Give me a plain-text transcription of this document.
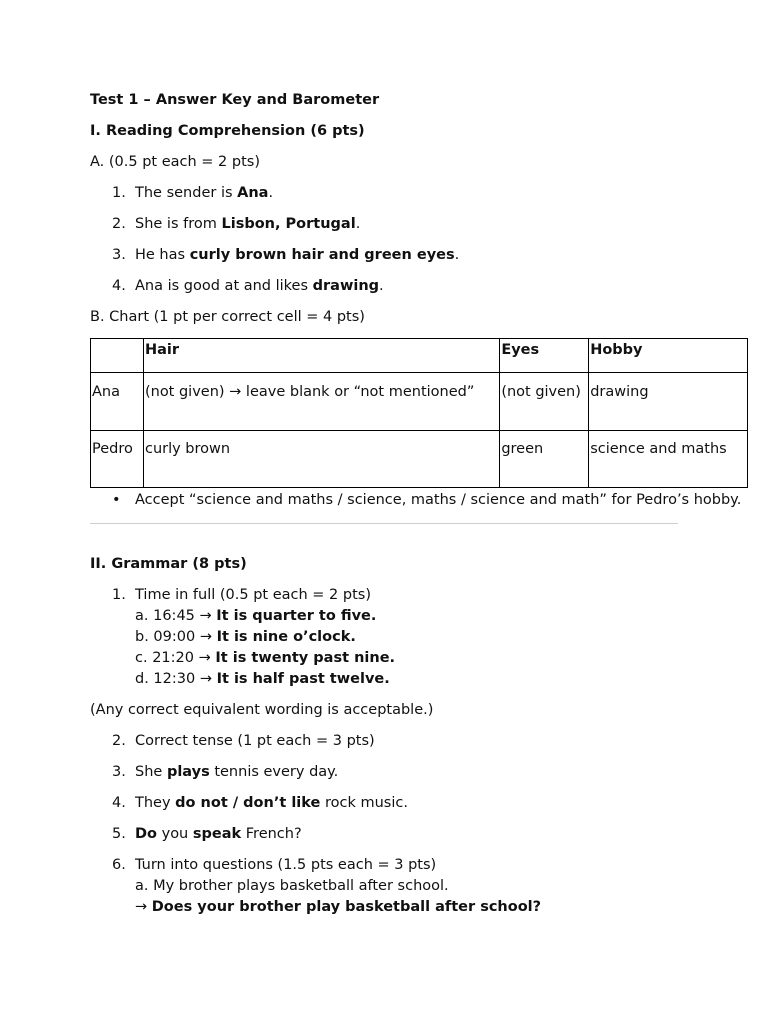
Test 1 – Answer Key and Barometer

I. Reading Comprehension (6 pts)

A. (0.5 pt each = 2 pts)

1. The sender is Ana.
2. She is from Lisbon, Portugal.
3. He has curly brown hair and green eyes.
4. Ana is good at and likes drawing.

B. Chart (1 pt per correct cell = 4 pts)

	Hair	Eyes	Hobby
Ana	(not given) → leave blank or “not mentioned”	(not given)	drawing
Pedro	curly brown	green	science and maths
• Accept “science and maths / science, maths / science and math” for Pedro’s hobby.

II. Grammar (8 pts)

1. Time in full (0.5 pt each = 2 pts)
a. 16:45 → It is quarter to five.
b. 09:00 → It is nine o’clock.
c. 21:20 → It is twenty past nine.
d. 12:30 → It is half past twelve.

(Any correct equivalent wording is acceptable.)

2. Correct tense (1 pt each = 3 pts)
3. She plays tennis every day.
4. They do not / don’t like rock music.
5. Do you speak French?
6. Turn into questions (1.5 pts each = 3 pts)
a. My brother plays basketball after school.
→ Does your brother play basketball after school?
